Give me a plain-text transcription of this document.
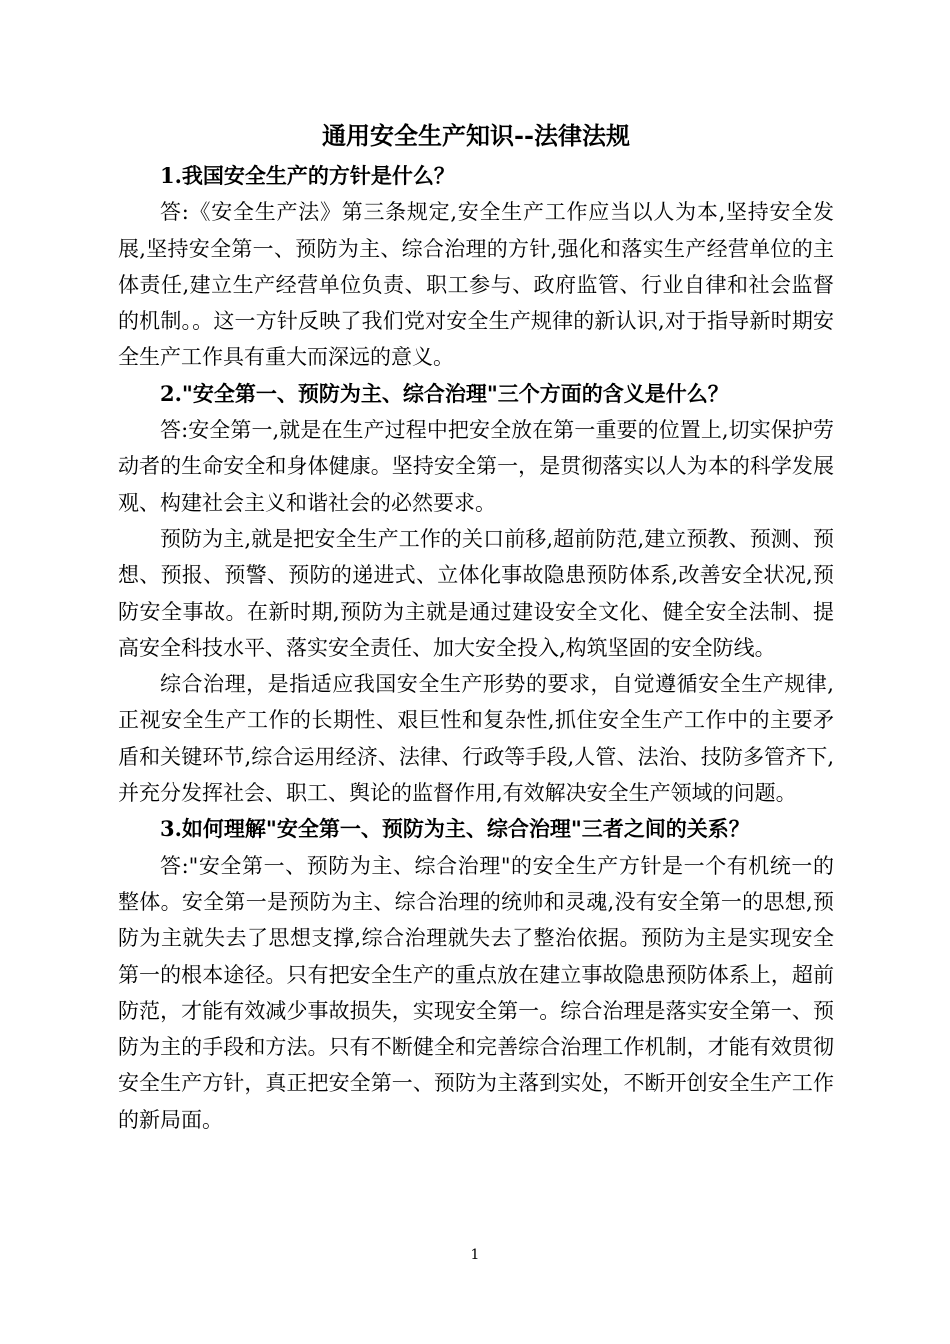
通用安全生产知识--法律法规

1.我国安全生产的方针是什么？

答:《安全生产法》第三条规定,安全生产工作应当以人为本,坚持安全发展,坚持安全第一、预防为主、综合治理的方针,强化和落实生产经营单位的主体责任,建立生产经营单位负责、职工参与、政府监管、行业自律和社会监督的机制。。这一方针反映了我们党对安全生产规律的新认识,对于指导新时期安全生产工作具有重大而深远的意义。

2."安全第一、预防为主、综合治理"三个方面的含义是什么？

答:安全第一,就是在生产过程中把安全放在第一重要的位置上,切实保护劳动者的生命安全和身体健康。坚持安全第一，是贯彻落实以人为本的科学发展观、构建社会主义和谐社会的必然要求。

预防为主,就是把安全生产工作的关口前移,超前防范,建立预教、预测、预想、预报、预警、预防的递进式、立体化事故隐患预防体系,改善安全状况,预防安全事故。在新时期,预防为主就是通过建设安全文化、健全安全法制、提高安全科技水平、落实安全责任、加大安全投入,构筑坚固的安全防线。

综合治理，是指适应我国安全生产形势的要求，自觉遵循安全生产规律,正视安全生产工作的长期性、艰巨性和复杂性,抓住安全生产工作中的主要矛盾和关键环节,综合运用经济、法律、行政等手段,人管、法治、技防多管齐下,并充分发挥社会、职工、舆论的监督作用,有效解决安全生产领域的问题。

3.如何理解"安全第一、预防为主、综合治理"三者之间的关系？

答:"安全第一、预防为主、综合治理"的安全生产方针是一个有机统一的整体。安全第一是预防为主、综合治理的统帅和灵魂,没有安全第一的思想,预防为主就失去了思想支撑,综合治理就失去了整治依据。预防为主是实现安全第一的根本途径。只有把安全生产的重点放在建立事故隐患预防体系上，超前防范，才能有效减少事故损失，实现安全第一。综合治理是落实安全第一、预防为主的手段和方法。只有不断健全和完善综合治理工作机制，才能有效贯彻安全生产方针，真正把安全第一、预防为主落到实处，不断开创安全生产工作的新局面。

1
